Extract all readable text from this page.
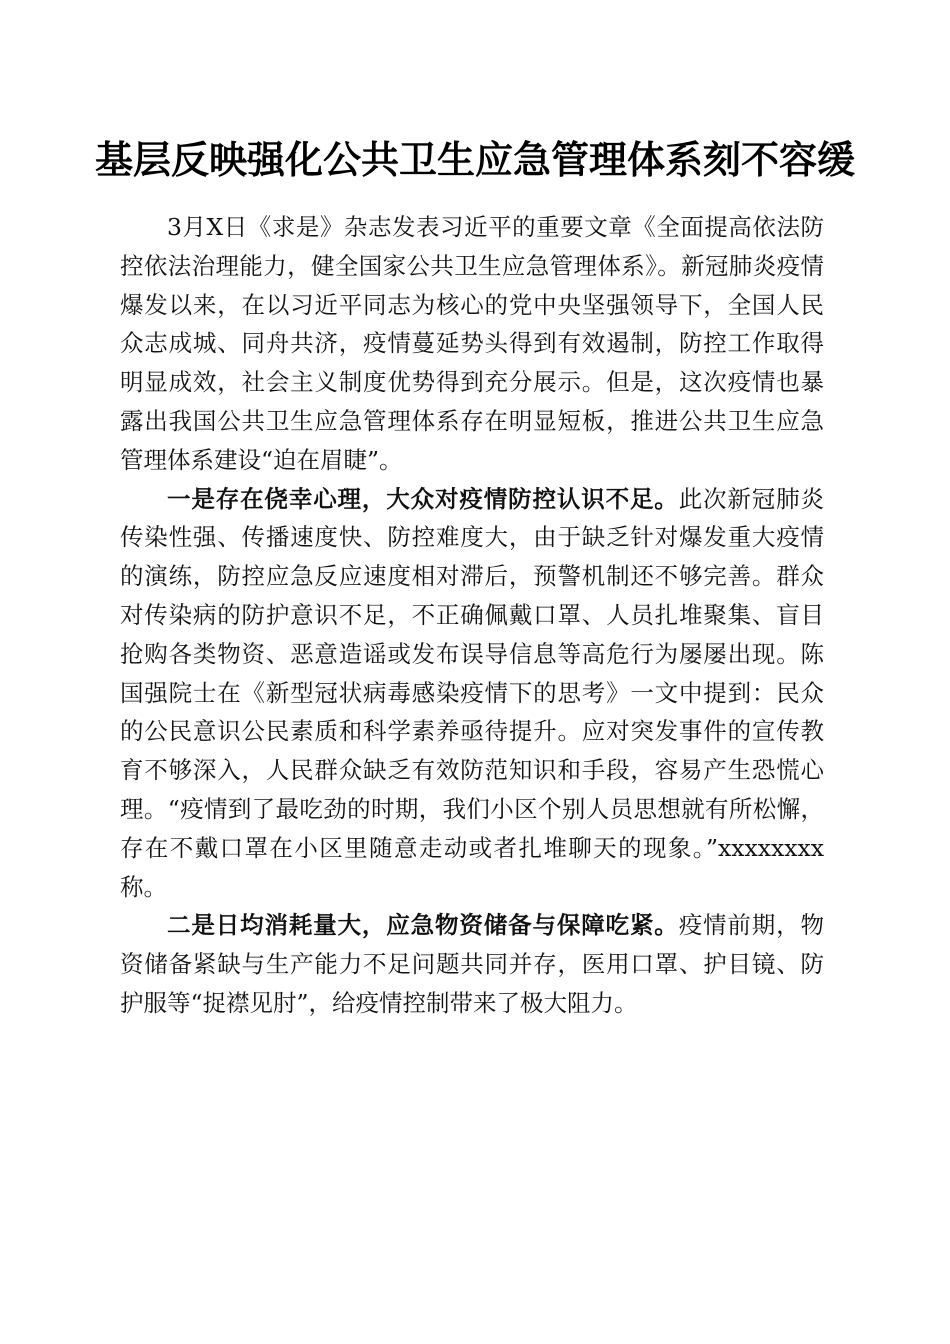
基层反映强化公共卫生应急管理体系刻不容缓

3月X日《求是》杂志发表习近平的重要文章《全面提高依法防控依法治理能力，健全国家公共卫生应急管理体系》。新冠肺炎疫情爆发以来，在以习近平同志为核心的党中央坚强领导下，全国人民众志成城、同舟共济，疫情蔓延势头得到有效遏制，防控工作取得明显成效，社会主义制度优势得到充分展示。但是，这次疫情也暴露出我国公共卫生应急管理体系存在明显短板，推进公共卫生应急管理体系建设“迫在眉睫”。

一是存在侥幸心理，大众对疫情防控认识不足。此次新冠肺炎传染性强、传播速度快、防控难度大，由于缺乏针对爆发重大疫情的演练，防控应急反应速度相对滞后，预警机制还不够完善。群众对传染病的防护意识不足，不正确佩戴口罩、人员扎堆聚集、盲目抢购各类物资、恶意造谣或发布误导信息等高危行为屡屡出现。陈国强院士在《新型冠状病毒感染疫情下的思考》一文中提到：民众的公民意识公民素质和科学素养亟待提升。应对突发事件的宣传教育不够深入，人民群众缺乏有效防范知识和手段，容易产生恐慌心理。“疫情到了最吃劲的时期，我们小区个别人员思想就有所松懈，存在不戴口罩在小区里随意走动或者扎堆聊天的现象。”xxxxxxxx 称。

二是日均消耗量大，应急物资储备与保障吃紧。疫情前期，物资储备紧缺与生产能力不足问题共同并存，医用口罩、护目镜、防护服等“捉襟见肘”，给疫情控制带来了极大阻力。
